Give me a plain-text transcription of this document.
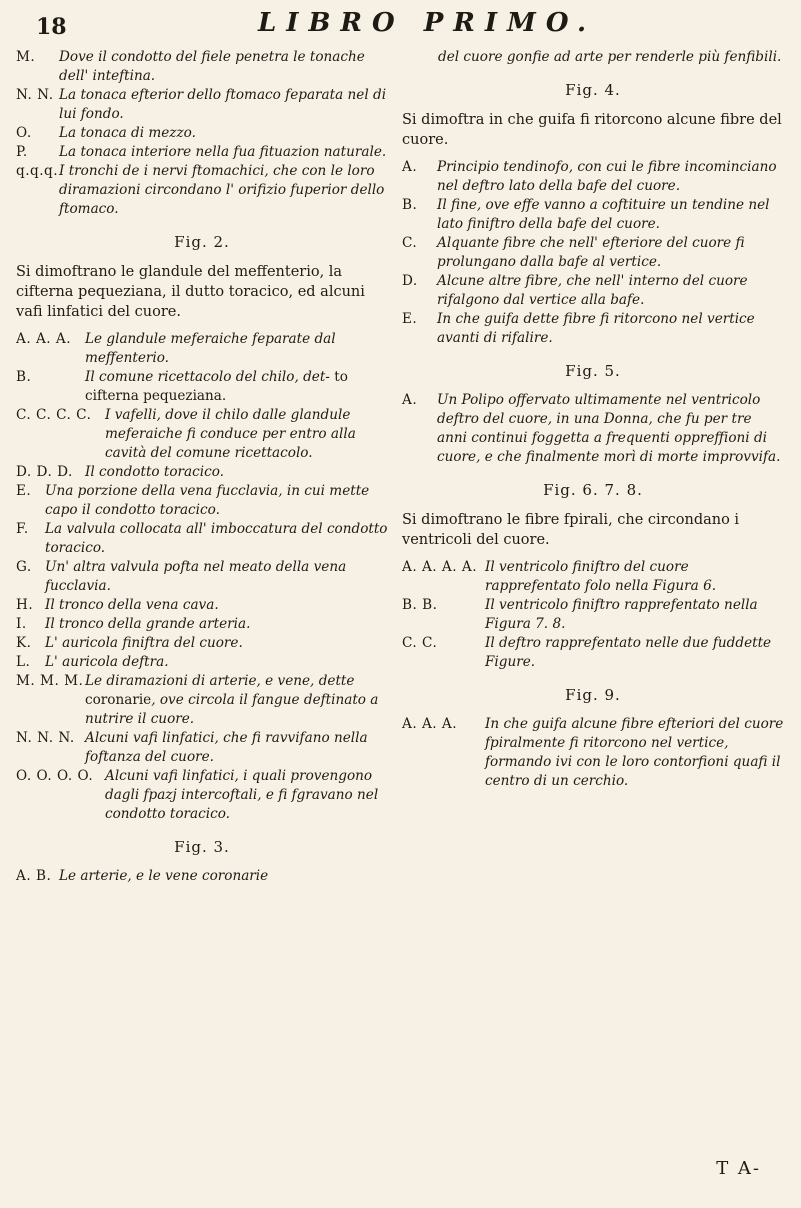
18	LIBRO PRIMO.
M.	Dove il condotto del fiele penetra le tonache dell' inteftina.
N. N. La tonaca efterior dello ftomaco feparata nel di lui fondo.
O.	La tonaca di mezzo.
P.	La tonaca interiore nella fua fituazion naturale.
q.q.q. I tronchi de i nervi ftomachici, che con le loro diramazioni circondano l' orifizio fuperior dello ftomaco.
Fig. 2.

Si dimoftrano le glandule del meffenterio, la cifterna pequeziana, il dutto toracico, ed alcuni vafi linfatici del cuore.

A. A. A.	Le glandule meferaiche feparate dal meffenterio.
B.	Il comune ricettacolo del chilo, det- to cifterna pequeziana.
C. C. C. C. I vafelli, dove il chilo dalle glandule meferaiche fi conduce per entro alla cavità del comune ricettacolo.
D. D. D. Il condotto toracico.
E.	Una porzione della vena fucclavia, in cui mette capo il condotto toracico.
F.	La valvula collocata all' imboccatura del condotto toracico.
G. Un' altra valvula pofta nel meato della vena fucclavia.
H. Il tronco della vena cava.
I.	Il tronco della grande arteria.
K. L' auricola finiftra del cuore.
L.	L' auricola deftra.
M. M. M. Le diramazioni di arterie, e vene, dette coronarie, ove circola il fangue deftinato a nutrire il cuore.
N. N. N. Alcuni vafi linfatici, che fi ravvifano nella foftanza del cuore.
O. O. O. O. Alcuni vafi linfatici, i quali provengono dagli fpazj intercoftali, e fi fgravano nel condotto toracico.
Fig. 3.
A. B. Le arterie, e le vene coronarie
del cuore gonfie ad arte per renderle più fenfibili.
Fig. 4.

Si dimoftra in che guifa fi ritorcono alcune fibre del cuore.

A.	Principio tendinofo, con cui le fibre incominciano nel deftro lato della bafe del cuore.
B.	Il fine, ove effe vanno a coftituire un tendine nel lato finiftro della bafe del cuore.
C.	Alquante fibre che nell' efteriore del cuore fi prolungano dalla bafe al vertice.
D.	Alcune altre fibre, che nell' interno del cuore rifalgono dal vertice alla bafe.
E.	In che guifa dette fibre fi ritorcono nel vertice avanti di rifalire.
Fig. 5.
A.	Un Polipo offervato ultimamente nel ventricolo deftro del cuore, in una Donna, che fu per tre anni continui foggetta a frequenti oppreffioni di cuore, e che finalmente morì di morte improvvifa.
Fig. 6. 7. 8.

Si dimoftrano le fibre fpirali, che circondano i ventricoli del cuore.

A. A. A. A. Il ventricolo finiftro del cuore rapprefentato folo nella Figura 6.
B. B.	Il ventricolo finiftro rapprefentato nella Figura 7. 8.
C. C.	Il deftro rapprefentato nelle due fuddette Figure.
Fig. 9.
A. A. A.	In che guifa alcune fibre efteriori del cuore fpiralmente fi ritorcono nel vertice, formando ivi con le loro contorfioni quafi il centro di un cerchio.
T A-
